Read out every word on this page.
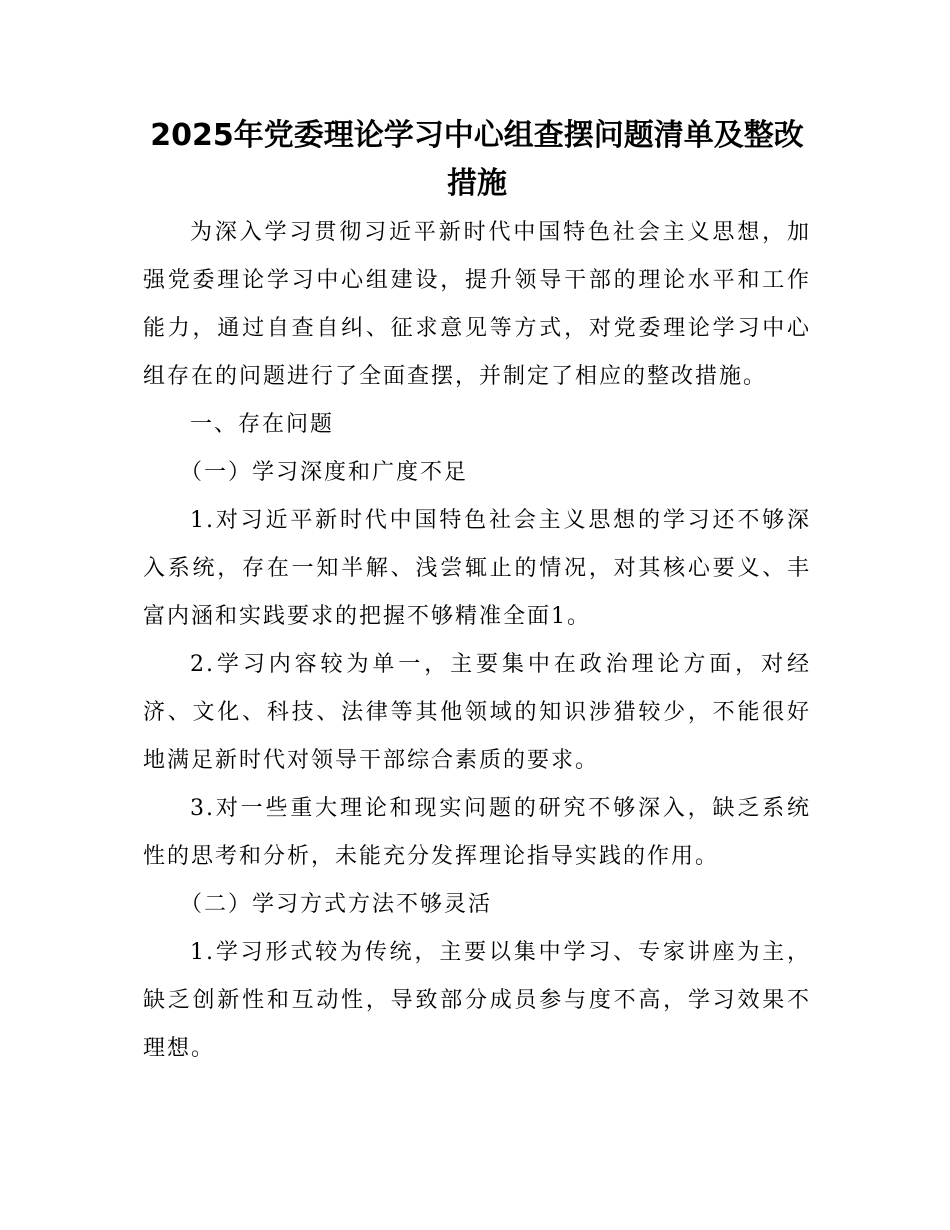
2025年党委理论学习中心组查摆问题清单及整改措施

为深入学习贯彻习近平新时代中国特色社会主义思想，加强党委理论学习中心组建设，提升领导干部的理论水平和工作能力，通过自查自纠、征求意见等方式，对党委理论学习中心组存在的问题进行了全面查摆，并制定了相应的整改措施。

一、存在问题

（一）学习深度和广度不足

1.对习近平新时代中国特色社会主义思想的学习还不够深入系统，存在一知半解、浅尝辄止的情况，对其核心要义、丰富内涵和实践要求的把握不够精准全面1。

2.学习内容较为单一，主要集中在政治理论方面，对经济、文化、科技、法律等其他领域的知识涉猎较少，不能很好地满足新时代对领导干部综合素质的要求。

3.对一些重大理论和现实问题的研究不够深入，缺乏系统性的思考和分析，未能充分发挥理论指导实践的作用。

（二）学习方式方法不够灵活

1.学习形式较为传统，主要以集中学习、专家讲座为主，缺乏创新性和互动性，导致部分成员参与度不高，学习效果不理想。
